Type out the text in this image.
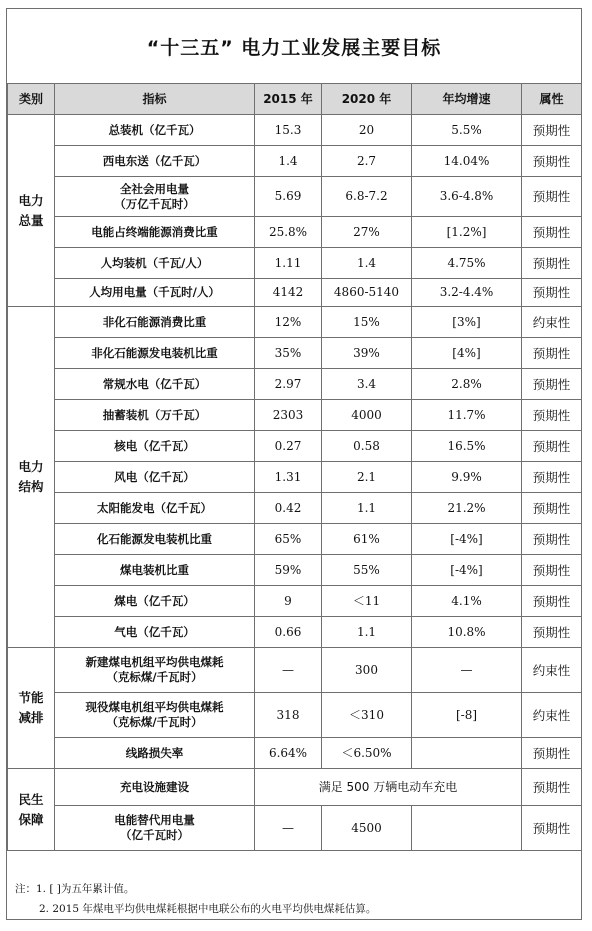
“十三五” 电力工业发展主要目标
类别	指标	2015 年	2020 年	年均增速	属性
电力
总量	总装机（亿千瓦）	15.3	20	5.5%	预期性
	西电东送（亿千瓦）	1.4	2.7	14.04%	预期性
	全社会用电量
（万亿千瓦时）	5.69	6.8-7.2	3.6-4.8%	预期性
	电能占终端能源消费比重	25.8%	27%	[1.2%]	预期性
	人均装机（千瓦/人）	1.11	1.4	4.75%	预期性
	人均用电量（千瓦时/人）	4142	4860-5140	3.2-4.4%	预期性
电力
结构	非化石能源消费比重	12%	15%	[3%]	约束性
	非化石能源发电装机比重	35%	39%	[4%]	预期性
	常规水电（亿千瓦）	2.97	3.4	2.8%	预期性
	抽蓄装机（万千瓦）	2303	4000	11.7%	预期性
	核电（亿千瓦）	0.27	0.58	16.5%	预期性
	风电（亿千瓦）	1.31	2.1	9.9%	预期性
	太阳能发电（亿千瓦）	0.42	1.1	21.2%	预期性
	化石能源发电装机比重	65%	61%	[-4%]	预期性
	煤电装机比重	59%	55%	[-4%]	预期性
	煤电（亿千瓦）	9	＜11	4.1%	预期性
	气电（亿千瓦）	0.66	1.1	10.8%	预期性
节能
减排	新建煤电机组平均供电煤耗
（克标煤/千瓦时）	—	300	—	约束性
	现役煤电机组平均供电煤耗
（克标煤/千瓦时）	318	＜310	[-8]	约束性
	线路损失率	6.64%	＜6.50%		预期性
民生
保障	充电设施建设	满足 500 万辆电动车充电			预期性
	电能替代用电量
（亿千瓦时）	—	4500		预期性
注：1. [ ]为五年累计值。
2. 2015 年煤电平均供电煤耗根据中电联公布的火电平均供电煤耗估算。
